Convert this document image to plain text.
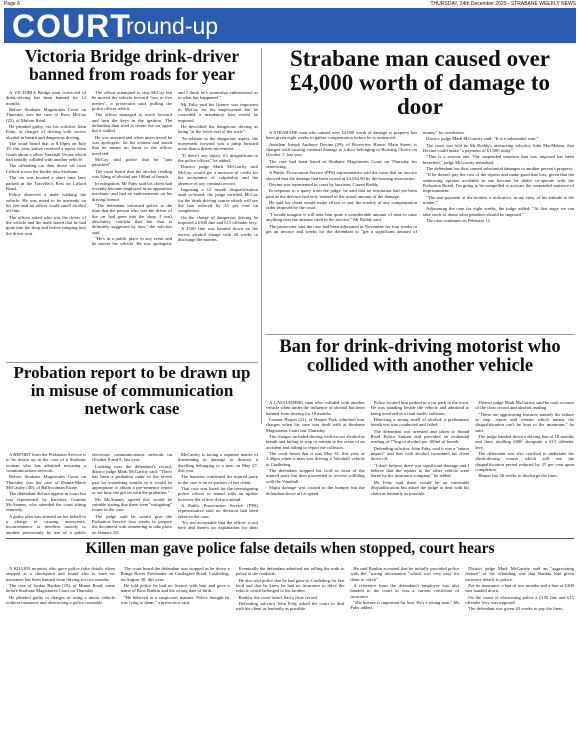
Page 6	THURSDAY, 24th December 2020 - STRABANE WEEKLY NEWS
COURT
round-up
Victoria Bridge drink-driver banned from roads for year

A VICTORIA Bridge man convicted of drink-driving has been banned for 12 months.

Before Strabane Magistrates Court on Thursday was the case of Ross McCay (25), of Mulvin Road.

He pleaded guilty, via his solicitor John Fahy, to charges of driving with excess alcohol in breath and dangerous driving.

The court heard that at 8.10pm on July 19, this year, police received a report from Gurth about a silver Vauxhall Vectra which had serially collided with another vehicle.

The offending car then drove off from Lifford across the border into Strabane.

The car was located a short time later parked in the Traveller's Rest on Lifford Road.

Police observed a male walking the vehicle. He was noted to be unsteady on his feet and an officer could smell alcohol off him.

The officer asked who was the driver of the vehicle and the male stated that he had gone into the shop and before jumping into the driver seat.

The officer attempted to stop McCay but he moved the vehicle forward "two to five metres", a prosecutor said, pulling the police officer with it.

The officer managed to reach forward and turn the keys in the ignition. The defendant then tried to restart the car again but it stalled.

He was arrested and when interviewed he was apologetic for his actions and stated that he meant no harm to the officer involved.

McCay told police that he "just panicked".

The court heard that the alcohol reading was 92mg of alcohol per 100ml of breath.

In mitigation, Mr Fahy said his client had recently become employed in an apprentice mechanic and had no endorsements on his driving licence.

"The defendant informed police at the time that the person who was the driver of the car had gone into the shop. I can't absolutely confirm that but that is definitely suggested by him," the solicitor said.

"He's in a public place in any event and he moves the vehicle. He was apologetic and I think he's somewhat embarrassed as to what has happened."

Mr Fahy said his licence was important to McCay for his employment but he conceded a mandatory ban would be imposed.

He described the dangerous driving as being "at the lower end of the scale".

"In relation to the dangerous aspect, the movement forward was a jump forward more than a driven movement.

"If there's any injury, it's insignificant to the police officer," he added.

District judge Mark McGarrity said McCay would get a measure of credit for his acceptance of culpability and the absence of any criminal record.

Imposing a 12 month disqualification until re-tested, the judge certified McCay for the drink-driving course which will see the ban reduced by 25 per cent on completion.

On the charge of dangerous driving he imposed a £300 fine and £15 offender levy.

A £100 fine was handed down on the excess alcohol charge with 20 weeks to discharge the monies.

Strabane man caused over £4,000 worth of damage to door

A STRABANE man who caused over £4,000 worth of damage to property has been given eight weeks to gather compensation before he is sentenced.

Jonathan Joseph Anthony Devine (29), of Riverview House, Main Street, is charged with causing criminal damage to a door belonging to Housing Choice on October 7, last year.

The case had been listed at Strabane Magistrates Court on Thursday for sentencing.

A Public Prosecution Service (PPS) representative told the court that an invoice showed that the damage had been costed at £4,044.90 by the housing association.

Devine was represented in court by barrister, Ciaran Roddy.

In response to a query from the judge, he said that no restitution had yet been paid as the defence had only learned of the actual amount of the damage.

He said his client would make efforts to pay the totality of any compensation order imposed by the court.

"I would imagine it will take him quite a considerable amount of time to raise anything near the amount cited in the invoice," Mr Roddy said.

The prosecutor said the case had been adjourned in November for four weeks to get an invoice and weeks for the defendant to "get a significant amount of money" for restitution.

District judge Mark McGarrity said: "It is a substantial sum."

The court was told by Mr Roddy's instructing solicitor, John MacMahon, that Devine could make "a payment of £1,000 today".

"This is a serious one. The suspended sentence that was imposed has been breached," judge McGarrity remarked.

The defendant has thus caused substantial damages to another person's property.

"If he doesn't pay the cost of the repairs and make good that loss, given that the sentencing options available to me become he didn't co-operate with the Probation Board, I'm going to be compelled to activate the suspended sentence of imprisonment.

"The non-payment of the monies is indicative, in my view, of his attitude to the matter."

Adjourning the case for eight weeks, the judge added: "At that stage we can take stock of about what penalties should be imposed."

The case continues on February 11.

Probation report to be drawn up in misuse of communication network case

A REPORT from the Probation Service is to be drawn up in the case of a Strabane woman who has admitted misusing a communications network.

Before Strabane Magistrates Court on Thursday was the case of Donna-Marie McCauley (40), of Ballycolman Estate.

The defendant did not appear in court but was represented by barrister, Grainne McAnaney, who attended the court sitting remotely.

A guilty plea was entered on her behalf to a charge of causing annoyance, inconvenience or needless anxiety to another persistently by use of a public electronic communications network on October 8 and 9, last year.

Looking over the defendant's record, district judge Mark McGarrity said: "There has been a probation order in the recent past for something similar so it would be appropriate to obtain a pre-sentence report to see how she got on with the probation."

Ms McAnaney agreed this would be suitable stating that there were "mitigating" issues in the case.

The judge said he would give the Probation Service four weeks to prepare the document with sentencing to take place on January 28.

McCauley is facing a separate matter of threatening to damage or destroy a dwelling belonging to a man on May 27, this year.

The barrister confirmed the injured party in the case is an ex-partner of her client.

That case was listed for the investigating police officer to attend with an update however the officer did not attend.

A Public Prosecution Service (PPS) representative said no decision had been taken in the case.

"It's not acceptable that the officer is not here and there's no explanation for their

Ban for drink-driving motorist who collided with another vehicle

A CASTLEDERG man who collided with another vehicle when under the influence of alcohol has been banned from driving for 18 months.

Connor Harper (21), of Harper Park, admitted four charges when his case was dealt with at Strabane Magistrates Court last Thursday.

The charges included driving with excess alcohol in breath and failing to stop or remain at the scene of an accident and failing to report the collision.

The court heard that it was May 31, this year, at 1.40pm when a man was driving a Vauxhall vehicle in Castlederg.

The defendant stopped his Golf in front of the injured party but then proceeded to reverse colliding with the Vauxhall.

Slight damage was caused to the bumper but the defendant drove off at speed.

Police located him parked in a car park in the town. He was standing beside the vehicle and admitted to being involved in a road traffic collision.

Detecting a strong smell of alcohol, a preliminary breath test was conducted and failed.

The defendant was arrested and taken to Strand Road Police Station and provided an evidential reading of 77mg of alcohol per 100ml of breath.

Defending solicitor, John Fahy, said it was a "minor impact" and that with alcohol consumed his client drove off.

"I don't believe there was significant damage and I believe that the repairs to the other vehicle were borne by his insurance company," he added.

Mr Fahy said there would be an inevitable disqualification but asked the judge to deal with his client as leniently as possible.

District judge Mark McGarrity said he took account of the clear record and alcohol reading.

"These are aggravating features, namely the failure to stop, report and remain which means the disqualification can't be kept to the minimum," he said.

The judge handed down a driving ban of 18 months and fines totalling £600 alongside a £15 offender levy.

The defendant was also certified to undertake the drink-driving course which will see the disqualification period reduced by 25 per cent upon completion.

Harper has 26 weeks to discharge the fines.

Killen man gave police false details when stopped, court hears

A KILLEN motorist who gave police false details when stopped at a checkpoint and found also to have no insurance has been banned from driving for two months.

The case of Jordan Rankin (19), of Muner Road, came before Strabane Magistrates Court on Thursday.

He pleaded guilty to charges of using a motor vehicle without insurance and obstructing a police constable.

The court heard the defendant was stopped as he drove a Range Rover Freelander on Castlegore Road, Castlederg, on August 30, this year.

He told police he had no licence with him and gave a name of Ross Rankin and the wrong date of birth.

"He behaved in a suspicious manner. Police thought he was lying to them," a prosecutor said.

Eventually the defendant admitted not telling the truth to police at the roadside.

He also told police that he had gone to Castlederg for fast food and that he knew he had no insurance to drive the vehicle which belonged to his brother.

Rankin, the court heard, had a clear record.

Defending solicitor John Fahy asked the court to deal with his client as leniently as possible.

He said Rankin accepted that he initially provided police with the "wrong information "which was very easy for them to check".

A reference from the defendant's employer was also handed to the court as was a current certificate of insurance.

"His licence is important for him. He's a young man," Mr Fahy added.

District judge Mark McGarrity said an "aggravating feature" of the offending was that Rankin had given incorrect details to police.

For no insurance, a ban of two months and a fine of £300 was handed down.

On the count of obstructing police a £150 fine and £15 offender levy was imposed.

The defendant was given 20 weeks to pay the fines.
